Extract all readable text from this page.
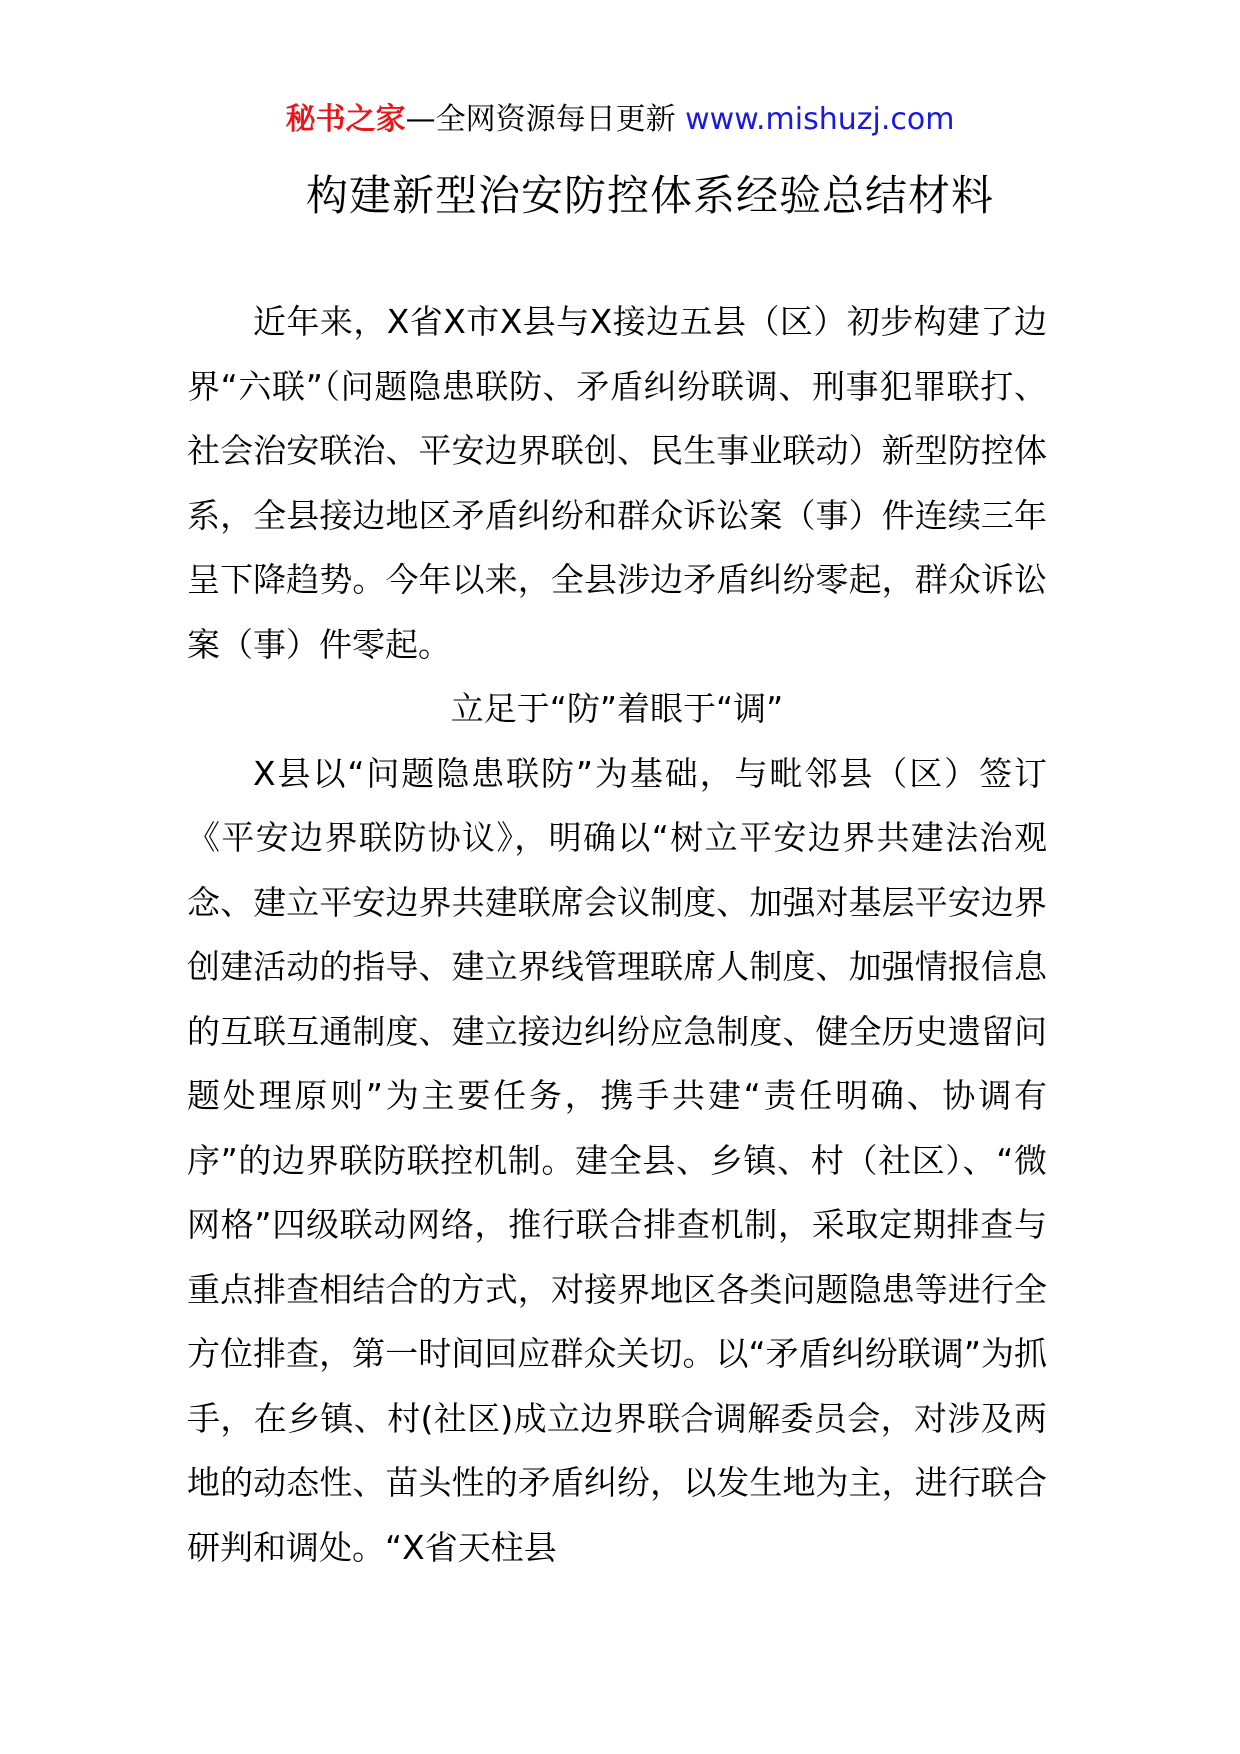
秘书之家—全网资源每日更新 www.mishuzj.com
构建新型治安防控体系经验总结材料

近年来，X省X市X县与X接边五县（区）初步构建了边界“六联”（问题隐患联防、矛盾纠纷联调、刑事犯罪联打、社会治安联治、平安边界联创、民生事业联动）新型防控体系，全县接边地区矛盾纠纷和群众诉讼案（事）件连续三年呈下降趋势。今年以来，全县涉边矛盾纠纷零起，群众诉讼案（事）件零起。

立足于“防”着眼于“调”

X县以“问题隐患联防”为基础，与毗邻县（区）签订《平安边界联防协议》，明确以“树立平安边界共建法治观念、建立平安边界共建联席会议制度、加强对基层平安边界创建活动的指导、建立界线管理联席人制度、加强情报信息的互联互通制度、建立接边纠纷应急制度、健全历史遗留问题处理原则”为主要任务，携手共建“责任明确、协调有序”的边界联防联控机制。建全县、乡镇、村（社区）、“微网格”四级联动网络，推行联合排查机制，采取定期排查与重点排查相结合的方式，对接界地区各类问题隐患等进行全方位排查，第一时间回应群众关切。以“矛盾纠纷联调”为抓手，在乡镇、村(社区)成立边界联合调解委员会，对涉及两地的动态性、苗头性的矛盾纠纷，以发生地为主，进行联合研判和调处。“X省天柱县
